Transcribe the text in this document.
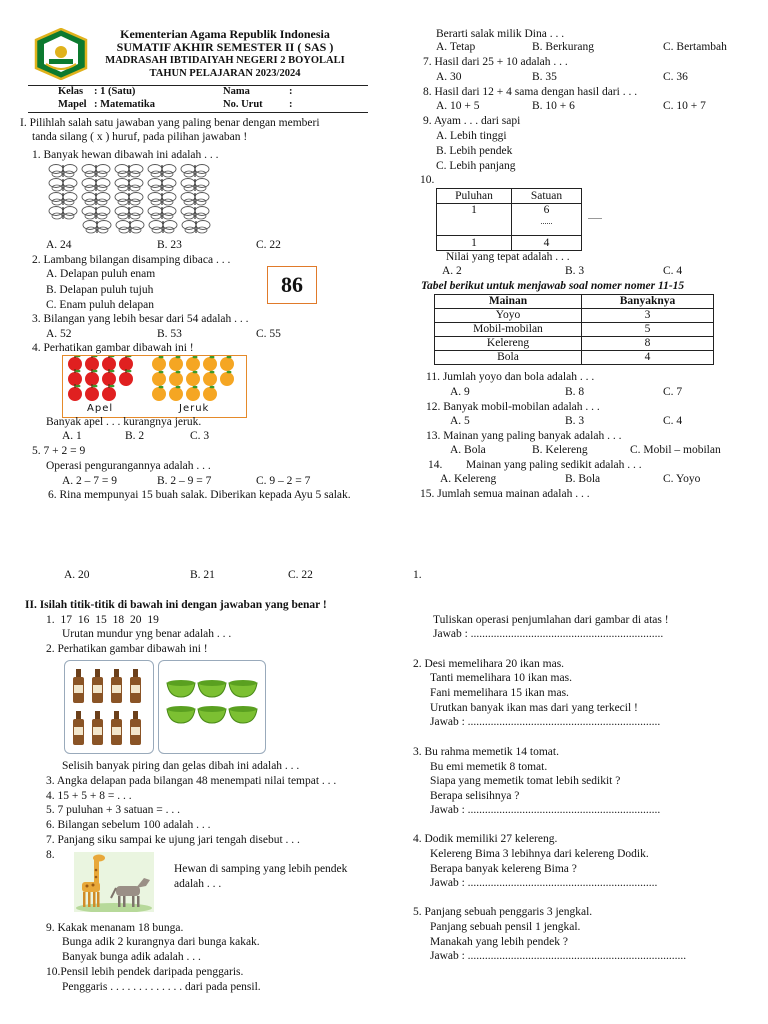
Kementerian Agama Republik Indonesia
SUMATIF AKHIR SEMESTER II ( SAS )
MADRASAH IBTIDAIYAH NEGERI 2 BOYOLALI
TAHUN PELAJARAN 2023/2024
Kelas : 1 (Satu)	Nama	:
Mapel : Matematika	No. Urut	:
I. Pilihlah salah satu jawaban yang paling benar dengan memberi
tanda silang ( x ) huruf, pada pilihan jawaban !
1. Banyak hewan dibawah ini adalah . . .
A. 24	B. 23	C. 22
2. Lambang bilangan disamping dibaca . . .
A. Delapan puluh enam
B. Delapan puluh tujuh
C. Enam puluh delapan
86
3. Bilangan yang lebih besar dari 54 adalah . . .
A. 52	B. 53	C. 55
4. Perhatikan gambar dibawah ini !
Apel	Jeruk
Banyak apel . . . kurangnya jeruk.
A. 1	B. 2	C. 3
5. 7 + 2 = 9
Operasi pengurangannya adalah . . .
A. 2 – 7 = 9	B. 2 – 9 = 7	C. 9 – 2 = 7
6. Rina mempunyai 15 buah salak. Diberikan kepada Ayu 5 salak.
Berarti salak milik Dina . . .
A. Tetap	B. Berkurang	C. Bertambah
7. Hasil dari 25 + 10 adalah . . .
A. 30	B. 35	C. 36
8. Hasil dari 12 + 4 sama dengan hasil dari . . .
A. 10 + 5	B. 10 + 6	C. 10 + 7
9. Ayam . . . dari sapi
A. Lebih tinggi
B. Lebih pendek
C. Lebih panjang
10.
Puluhan	Satuan
1	6
......

1	4
Nilai yang tepat adalah . . .
A. 2	B. 3	C. 4
Tabel berikut untuk menjawab soal nomer nomer 11-15
Mainan	Banyaknya
Yoyo	3
Mobil-mobilan	5
Kelereng	8
Bola	4
11. Jumlah yoyo dan bola adalah . . .
A. 9	B. 8	C. 7
12. Banyak mobil-mobilan adalah . . .
A. 5	B. 3	C. 4
13. Mainan yang paling banyak adalah . . .
A. Bola	B. Kelereng	C. Mobil – mobilan
14. Mainan yang paling sedikit adalah . . .
A. Kelereng	B. Bola	C. Yoyo
15. Jumlah semua mainan adalah . . .
A. 20	B. 21	C. 22	1.
II. Isilah titik-titik di bawah ini dengan jawaban yang benar !
1. 17 16 15 18 20 19
Urutan mundur yng benar adalah . . .
2. Perhatikan gambar dibawah ini !
Selisih banyak piring dan gelas dibah ini adalah . . .
3. Angka delapan pada bilangan 48 menempati nilai tempat . . .
4. 15 + 5 + 8 = . . .
5. 7 puluhan + 3 satuan = . . .
6. Bilangan sebelum 100 adalah . . .
7. Panjang siku sampai ke ujung jari tengah disebut . . .
8.
Hewan di samping yang lebih pendek
adalah . . .
9. Kakak menanam 18 bunga.
Bunga adik 2 kurangnya dari bunga kakak.
Banyak bunga adik adalah . . .
10.Pensil lebih pendek daripada penggaris.
Penggaris . . . . . . . . . . . . . dari pada pensil.
Tuliskan operasi penjumlahan dari gambar di atas !
Jawab : ...................................................................
2. Desi memelihara 20 ikan mas.
Tanti memelihara 10 ikan mas.
Fani memelihara 15 ikan mas.
Urutkan banyak ikan mas dari yang terkecil !
Jawab : ...................................................................
3. Bu rahma memetik 14 tomat.
Bu emi memetik 8 tomat.
Siapa yang memetik tomat lebih sedikit ?
Berapa selisihnya ?
Jawab : ...................................................................
4. Dodik memiliki 27 kelereng.
Kelereng Bima 3 lebihnya dari kelereng Dodik.
Berapa banyak kelereng Bima ?
Jawab : ..................................................................
5. Panjang sebuah penggaris 3 jengkal.
Panjang sebuah pensil 1 jengkal.
Manakah yang lebih pendek ?
Jawab : ............................................................................
